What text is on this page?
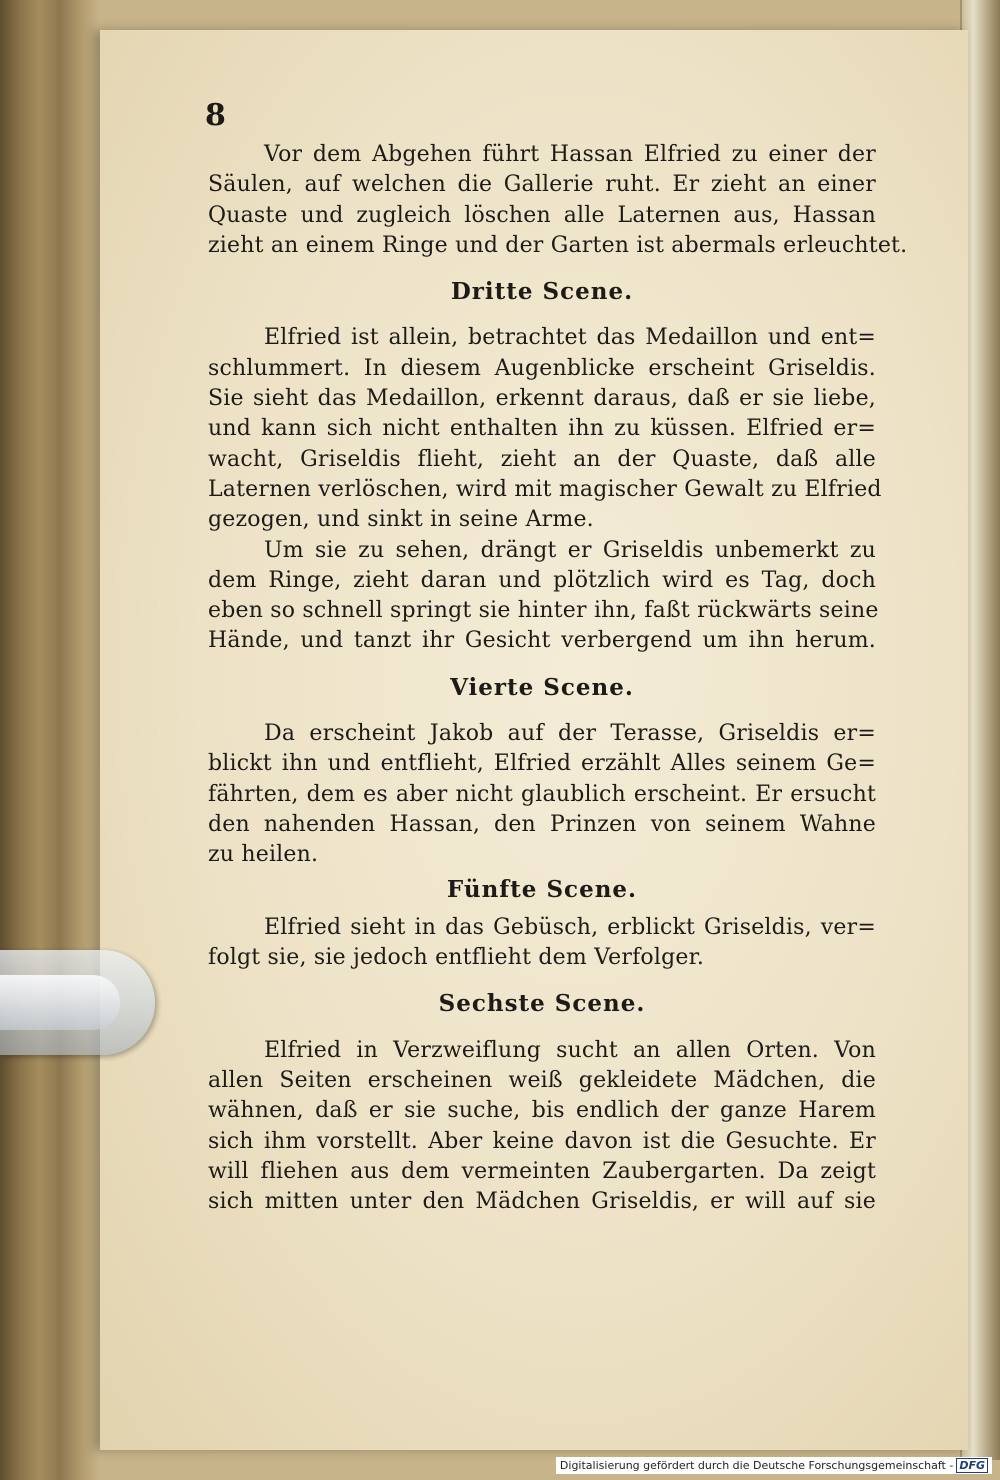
8
Vor dem Abgehen führt Hassan Elfried zu einer der
Säulen, auf welchen die Gallerie ruht. Er zieht an einer
Quaste und zugleich löschen alle Laternen aus, Hassan
zieht an einem Ringe und der Garten ist abermals erleuchtet.
Dritte Scene.
Elfried ist allein, betrachtet das Medaillon und ent=
schlummert. In diesem Augenblicke erscheint Griseldis.
Sie sieht das Medaillon, erkennt daraus, daß er sie liebe,
und kann sich nicht enthalten ihn zu küssen. Elfried er=
wacht, Griseldis flieht, zieht an der Quaste, daß alle
Laternen verlöschen, wird mit magischer Gewalt zu Elfried
gezogen, und sinkt in seine Arme.
Um sie zu sehen, drängt er Griseldis unbemerkt zu
dem Ringe, zieht daran und plötzlich wird es Tag, doch
eben so schnell springt sie hinter ihn, faßt rückwärts seine
Hände, und tanzt ihr Gesicht verbergend um ihn herum.
Vierte Scene.
Da erscheint Jakob auf der Terasse, Griseldis er=
blickt ihn und entflieht, Elfried erzählt Alles seinem Ge=
fährten, dem es aber nicht glaublich erscheint. Er ersucht
den nahenden Hassan, den Prinzen von seinem Wahne
zu heilen.
Fünfte Scene.
Elfried sieht in das Gebüsch, erblickt Griseldis, ver=
folgt sie, sie jedoch entflieht dem Verfolger.
Sechste Scene.
Elfried in Verzweiflung sucht an allen Orten. Von
allen Seiten erscheinen weiß gekleidete Mädchen, die
wähnen, daß er sie suche, bis endlich der ganze Harem
sich ihm vorstellt. Aber keine davon ist die Gesuchte. Er
will fliehen aus dem vermeinten Zaubergarten. Da zeigt
sich mitten unter den Mädchen Griseldis, er will auf sie
Digitalisierung gefördert durch die Deutsche Forschungsgemeinschaft - DFG
